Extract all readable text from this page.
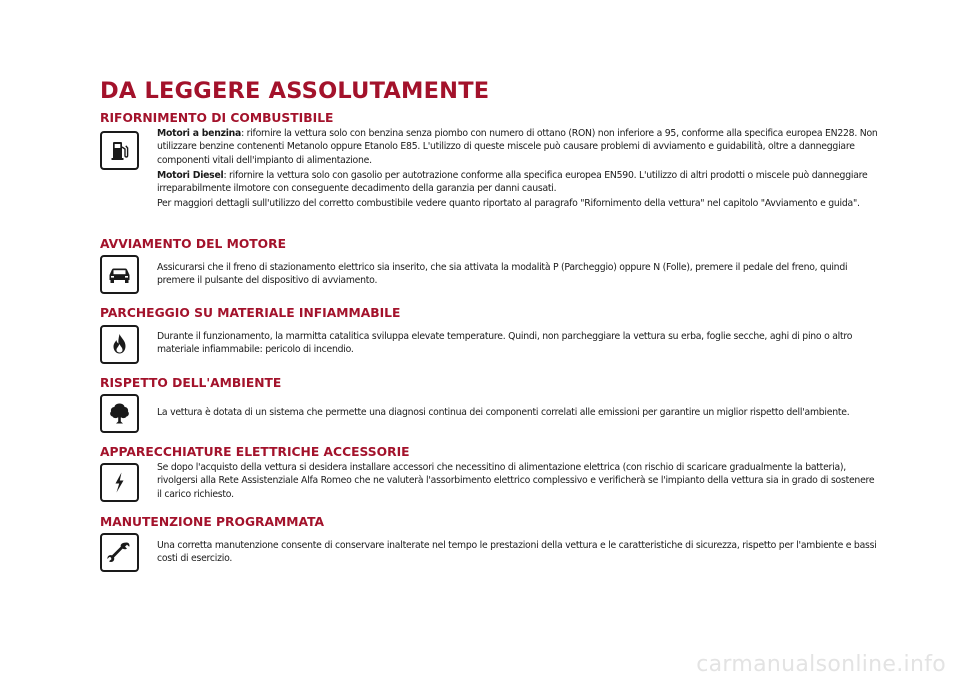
DA LEGGERE ASSOLUTAMENTE
RIFORNIMENTO DI COMBUSTIBILE

Motori a benzina: rifornire la vettura solo con benzina senza piombo con numero di ottano (RON) non inferiore a 95, conforme alla specifica europea EN228. Non utilizzare benzine contenenti Metanolo oppure Etanolo E85. L'utilizzo di queste miscele può causare problemi di avviamento e guidabilità, oltre a danneggiare componenti vitali dell'impianto di alimentazione.

Motori Diesel: rifornire la vettura solo con gasolio per autotrazione conforme alla specifica europea EN590. L'utilizzo di altri prodotti o miscele può danneggiare irreparabilmente ilmotore con conseguente decadimento della garanzia per danni causati.

Per maggiori dettagli sull'utilizzo del corretto combustibile vedere quanto riportato al paragrafo "Rifornimento della vettura" nel capitolo "Avviamento e guida".

AVVIAMENTO DEL MOTORE

Assicurarsi che il freno di stazionamento elettrico sia inserito, che sia attivata la modalità P (Parcheggio) oppure N (Folle), premere il pedale del freno, quindi premere il pulsante del dispositivo di avviamento.

PARCHEGGIO SU MATERIALE INFIAMMABILE

Durante il funzionamento, la marmitta catalitica sviluppa elevate temperature. Quindi, non parcheggiare la vettura su erba, foglie secche, aghi di pino o altro materiale infiammabile: pericolo di incendio.

RISPETTO DELL'AMBIENTE

La vettura è dotata di un sistema che permette una diagnosi continua dei componenti correlati alle emissioni per garantire un miglior rispetto dell'ambiente.

APPARECCHIATURE ELETTRICHE ACCESSORIE

Se dopo l'acquisto della vettura si desidera installare accessori che necessitino di alimentazione elettrica (con rischio di scaricare gradualmente la batteria), rivolgersi alla Rete Assistenziale Alfa Romeo che ne valuterà l'assorbimento elettrico complessivo e verificherà se l'impianto della vettura sia in grado di sostenere il carico richiesto.

MANUTENZIONE PROGRAMMATA

Una corretta manutenzione consente di conservare inalterate nel tempo le prestazioni della vettura e le caratteristiche di sicurezza, rispetto per l'ambiente e bassi costi di esercizio.

carmanualsonline.info
